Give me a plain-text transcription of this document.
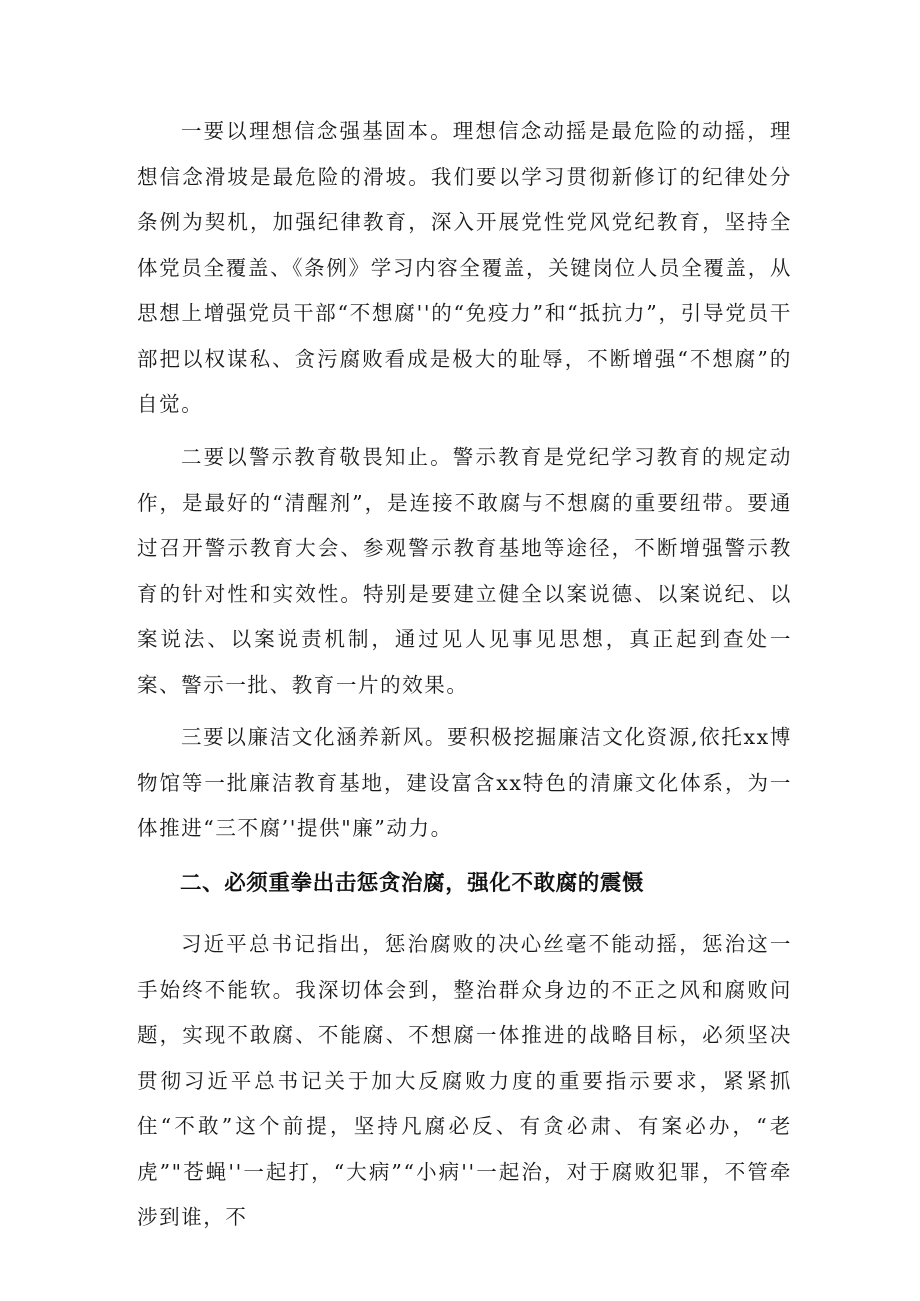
一要以理想信念强基固本。理想信念动摇是最危险的动摇，理想信念滑坡是最危险的滑坡。我们要以学习贯彻新修订的纪律处分条例为契机，加强纪律教育，深入开展党性党风党纪教育，坚持全体党员全覆盖、《条例》学习内容全覆盖，关键岗位人员全覆盖，从思想上增强党员干部“不想腐''的“免疫力”和“抵抗力”，引导党员干部把以权谋私、贪污腐败看成是极大的耻辱，不断增强“不想腐”的自觉。

二要以警示教育敬畏知止。警示教育是党纪学习教育的规定动作，是最好的“清醒剂”，是连接不敢腐与不想腐的重要纽带。要通过召开警示教育大会、参观警示教育基地等途径，不断增强警示教育的针对性和实效性。特别是要建立健全以案说德、以案说纪、以案说法、以案说责机制，通过见人见事见思想，真正起到查处一案、警示一批、教育一片的效果。

三要以廉洁文化涵养新风。要积极挖掘廉洁文化资源,依托xx博物馆等一批廉洁教育基地，建设富含xx特色的清廉文化体系，为一体推进“三不腐’'提供"廉”动力。

二、必须重拳出击惩贪治腐，强化不敢腐的震慑

习近平总书记指出，惩治腐败的决心丝毫不能动摇，惩治这一手始终不能软。我深切体会到，整治群众身边的不正之风和腐败问题，实现不敢腐、不能腐、不想腐一体推进的战略目标，必须坚决贯彻习近平总书记关于加大反腐败力度的重要指示要求，紧紧抓住“不敢”这个前提，坚持凡腐必反、有贪必肃、有案必办，“老虎”"苍蝇''一起打，“大病”“小病''一起治，对于腐败犯罪，不管牵涉到谁，不
